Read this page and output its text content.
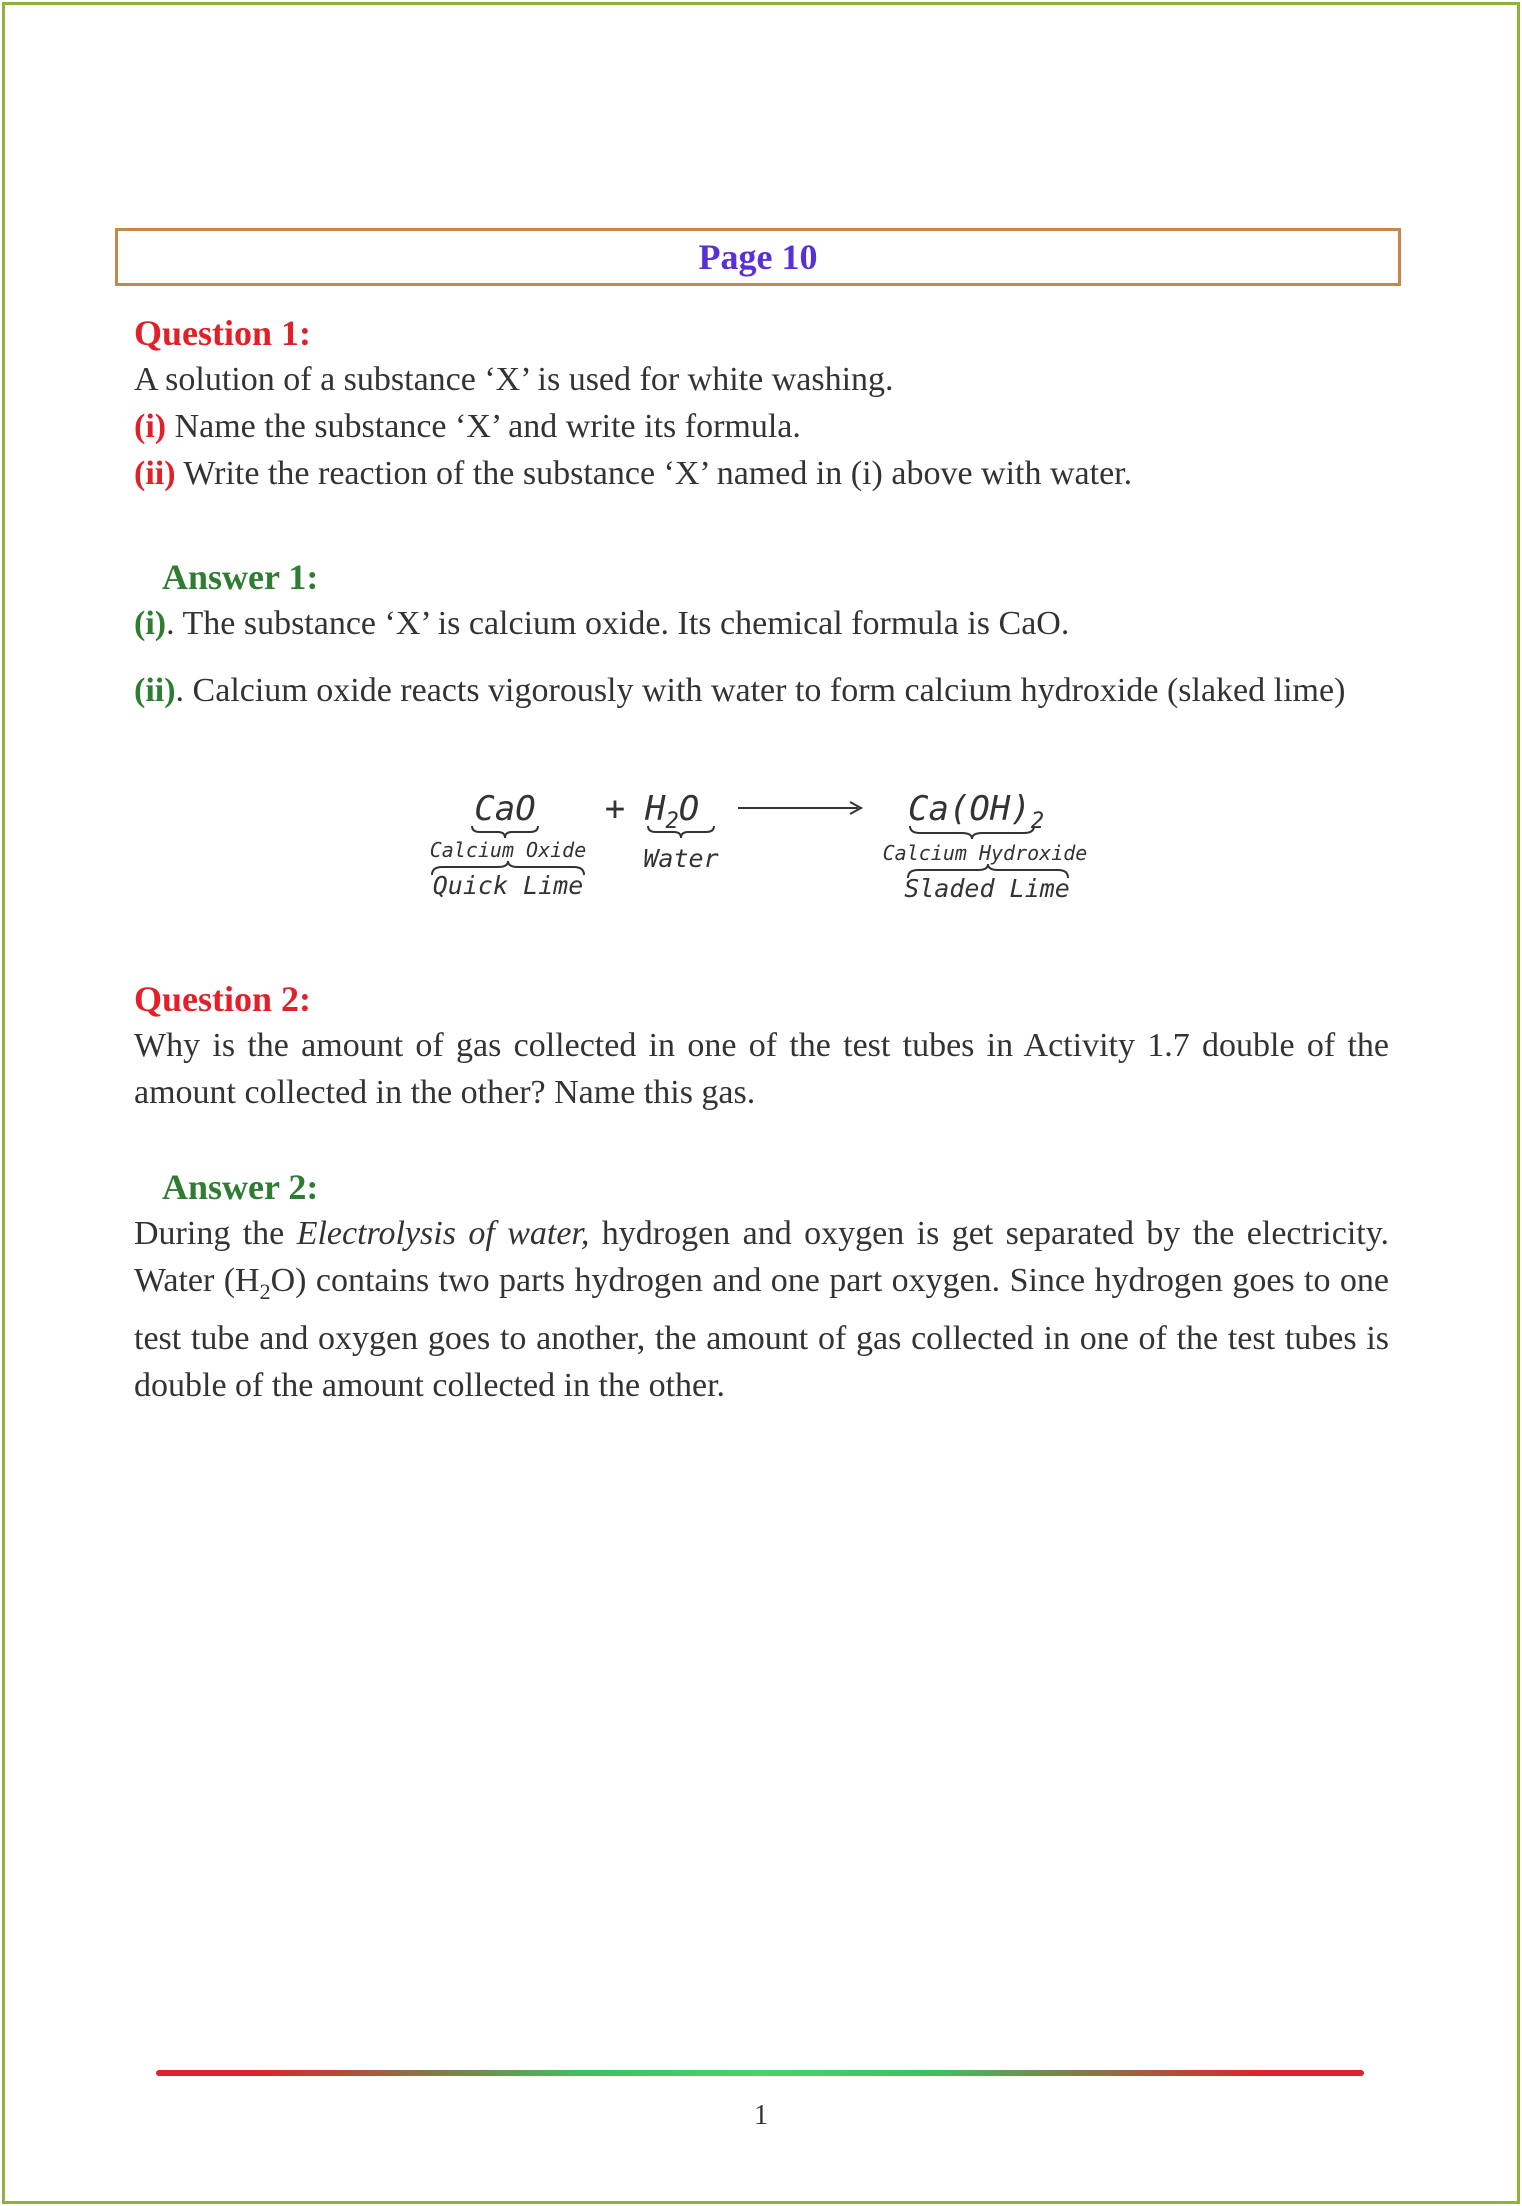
Page 10
Question 1:
A solution of a substance ‘X’ is used for white washing.
(i) Name the substance ‘X’ and write its formula.
(ii) Write the reaction of the substance ‘X’ named in (i) above with water.
Answer 1:
(i). The substance ‘X’ is calcium oxide. Its chemical formula is CaO.
(ii). Calcium oxide reacts vigorously with water to form calcium hydroxide (slaked lime)
CaO
Calcium Oxide
Quick Lime
+ $H_2O$
Water
$Ca(OH)_2$
Calcium Hydroxide
Sladed Lime
Question 2:
Why is the amount of gas collected in one of the test tubes in Activity 1.7 double of the amount collected in the other? Name this gas.
Answer 2:
During the Electrolysis of water, hydrogen and oxygen is get separated by the electricity. Water $(H_2O)$ contains two parts hydrogen and one part oxygen. Since hydrogen goes to one test tube and oxygen goes to another, the amount of gas collected in one of the test tubes is double of the amount collected in the other.
1
